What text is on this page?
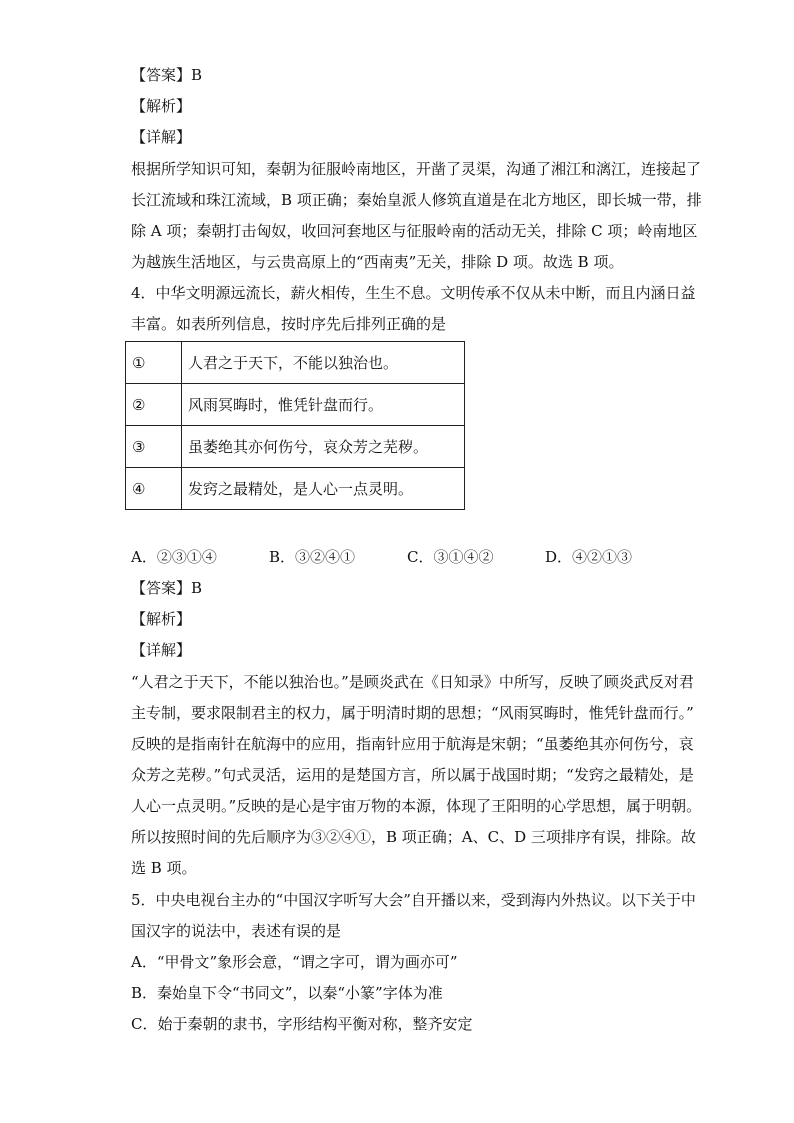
【答案】B
【解析】
【详解】
根据所学知识可知，秦朝为征服岭南地区，开凿了灵渠，沟通了湘江和漓江，连接起了
长江流域和珠江流域，B 项正确；秦始皇派人修筑直道是在北方地区，即长城一带，排
除 A 项；秦朝打击匈奴，收回河套地区与征服岭南的活动无关，排除 C 项；岭南地区
为越族生活地区，与云贵高原上的“西南夷”无关，排除 D 项。故选 B 项。
4．中华文明源远流长，薪火相传，生生不息。文明传承不仅从未中断，而且内涵日益
丰富。如表所列信息，按时序先后排列正确的是
①	人君之于天下，不能以独治也。
②	风雨冥晦时，惟凭针盘而行。
③	虽萎绝其亦何伤兮，哀众芳之芜秽。
④	发窍之最精处，是人心一点灵明。
A．②③①④	B．③②④①	C．③①④②	D．④②①③
【答案】B
【解析】
【详解】
“人君之于天下，不能以独治也。”是顾炎武在《日知录》中所写，反映了顾炎武反对君
主专制，要求限制君主的权力，属于明清时期的思想；“风雨冥晦时，惟凭针盘而行。”
反映的是指南针在航海中的应用，指南针应用于航海是宋朝；“虽萎绝其亦何伤兮，哀
众芳之芜秽。”句式灵活，运用的是楚国方言，所以属于战国时期；“发窍之最精处，是
人心一点灵明。”反映的是心是宇宙万物的本源，体现了王阳明的心学思想，属于明朝。
所以按照时间的先后顺序为③②④①，B 项正确；A、C、D 三项排序有误，排除。故
选 B 项。
5．中央电视台主办的“中国汉字听写大会”自开播以来，受到海内外热议。以下关于中
国汉字的说法中，表述有误的是
A．“甲骨文”象形会意，“谓之字可，谓为画亦可”
B．秦始皇下令“书同文”，以秦“小篆”字体为准
C．始于秦朝的隶书，字形结构平衡对称，整齐安定
